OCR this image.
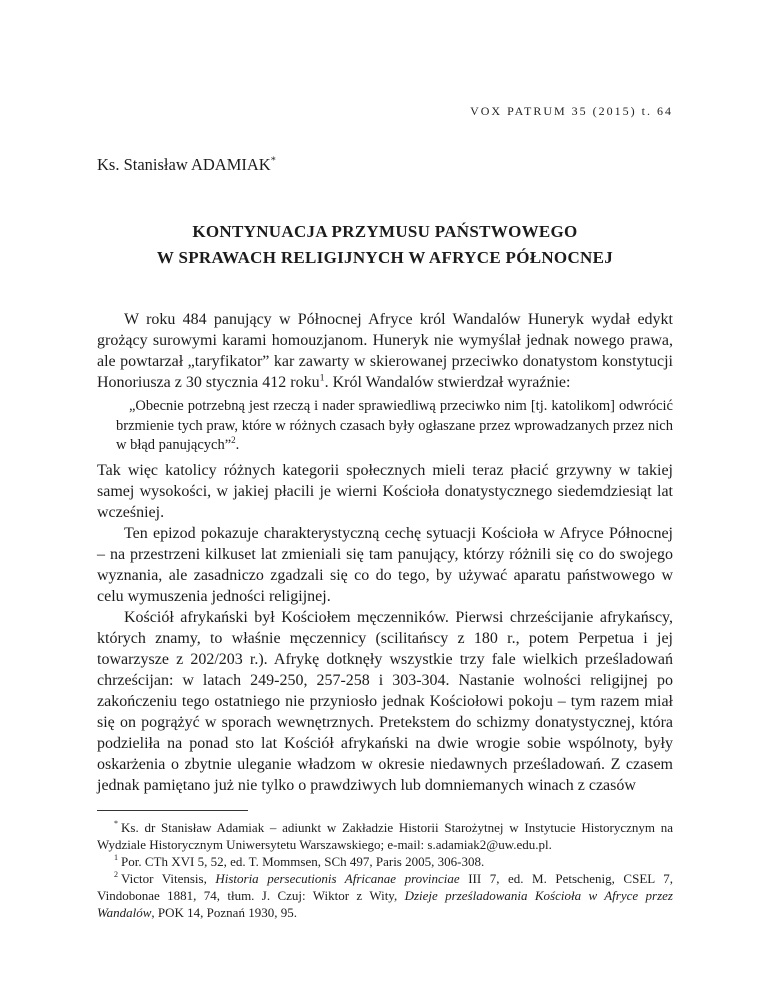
VOX PATRUM 35 (2015) t. 64
Ks. Stanisław ADAMIAK*
KONTYNUACJA PRZYMUSU PAŃSTWOWEGO
W SPRAWACH RELIGIJNYCH W AFRYCE PÓŁNOCNEJ

W roku 484 panujący w Północnej Afryce król Wandalów Huneryk wydał edykt grożący surowymi karami homouzjanom. Huneryk nie wymyślał jednak nowego prawa, ale powtarzał „taryfikator” kar zawarty w skierowanej przeciwko donatystom konstytucji Honoriusza z 30 stycznia 412 roku$^1$. Król Wandalów stwierdzał wyraźnie:

„Obecnie potrzebną jest rzeczą i nader sprawiedliwą przeciwko nim [tj. katolikom] odwrócić brzmienie tych praw, które w różnych czasach były ogłaszane przez wprowadzanych przez nich w błąd panujących”$^2$.

Tak więc katolicy różnych kategorii społecznych mieli teraz płacić grzywny w takiej samej wysokości, w jakiej płacili je wierni Kościoła donatystycznego siedemdziesiąt lat wcześniej.

Ten epizod pokazuje charakterystyczną cechę sytuacji Kościoła w Afryce Północnej – na przestrzeni kilkuset lat zmieniali się tam panujący, którzy różnili się co do swojego wyznania, ale zasadniczo zgadzali się co do tego, by używać aparatu państwowego w celu wymuszenia jedności religijnej.

Kościół afrykański był Kościołem męczenników. Pierwsi chrześcijanie afrykańscy, których znamy, to właśnie męczennicy (scilitańscy z 180 r., potem Perpetua i jej towarzysze z 202/203 r.). Afrykę dotknęły wszystkie trzy fale wielkich prześladowań chrześcijan: w latach 249-250, 257-258 i 303-304. Nastanie wolności religijnej po zakończeniu tego ostatniego nie przyniosło jednak Kościołowi pokoju – tym razem miał się on pogrążyć w sporach wewnętrznych. Pretekstem do schizmy donatystycznej, która podzieliła na ponad sto lat Kościół afrykański na dwie wrogie sobie wspólnoty, były oskarżenia o zbytnie uleganie władzom w okresie niedawnych prześladowań. Z czasem jednak pamiętano już nie tylko o prawdziwych lub domniemanych winach z czasów

* Ks. dr Stanisław Adamiak – adiunkt w Zakładzie Historii Starożytnej w Instytucie Historycznym na Wydziale Historycznym Uniwersytetu Warszawskiego; e-mail: s.adamiak2@uw.edu.pl.

$^1$ Por. CTh XVI 5, 52, ed. T. Mommsen, SCh 497, Paris 2005, 306-308.

$^2$ Victor Vitensis, Historia persecutionis Africanae provinciae III 7, ed. M. Petschenig, CSEL 7, Vindobonae 1881, 74, tłum. J. Czuj: Wiktor z Wity, Dzieje prześladowania Kościoła w Afryce przez Wandalów, POK 14, Poznań 1930, 95.
